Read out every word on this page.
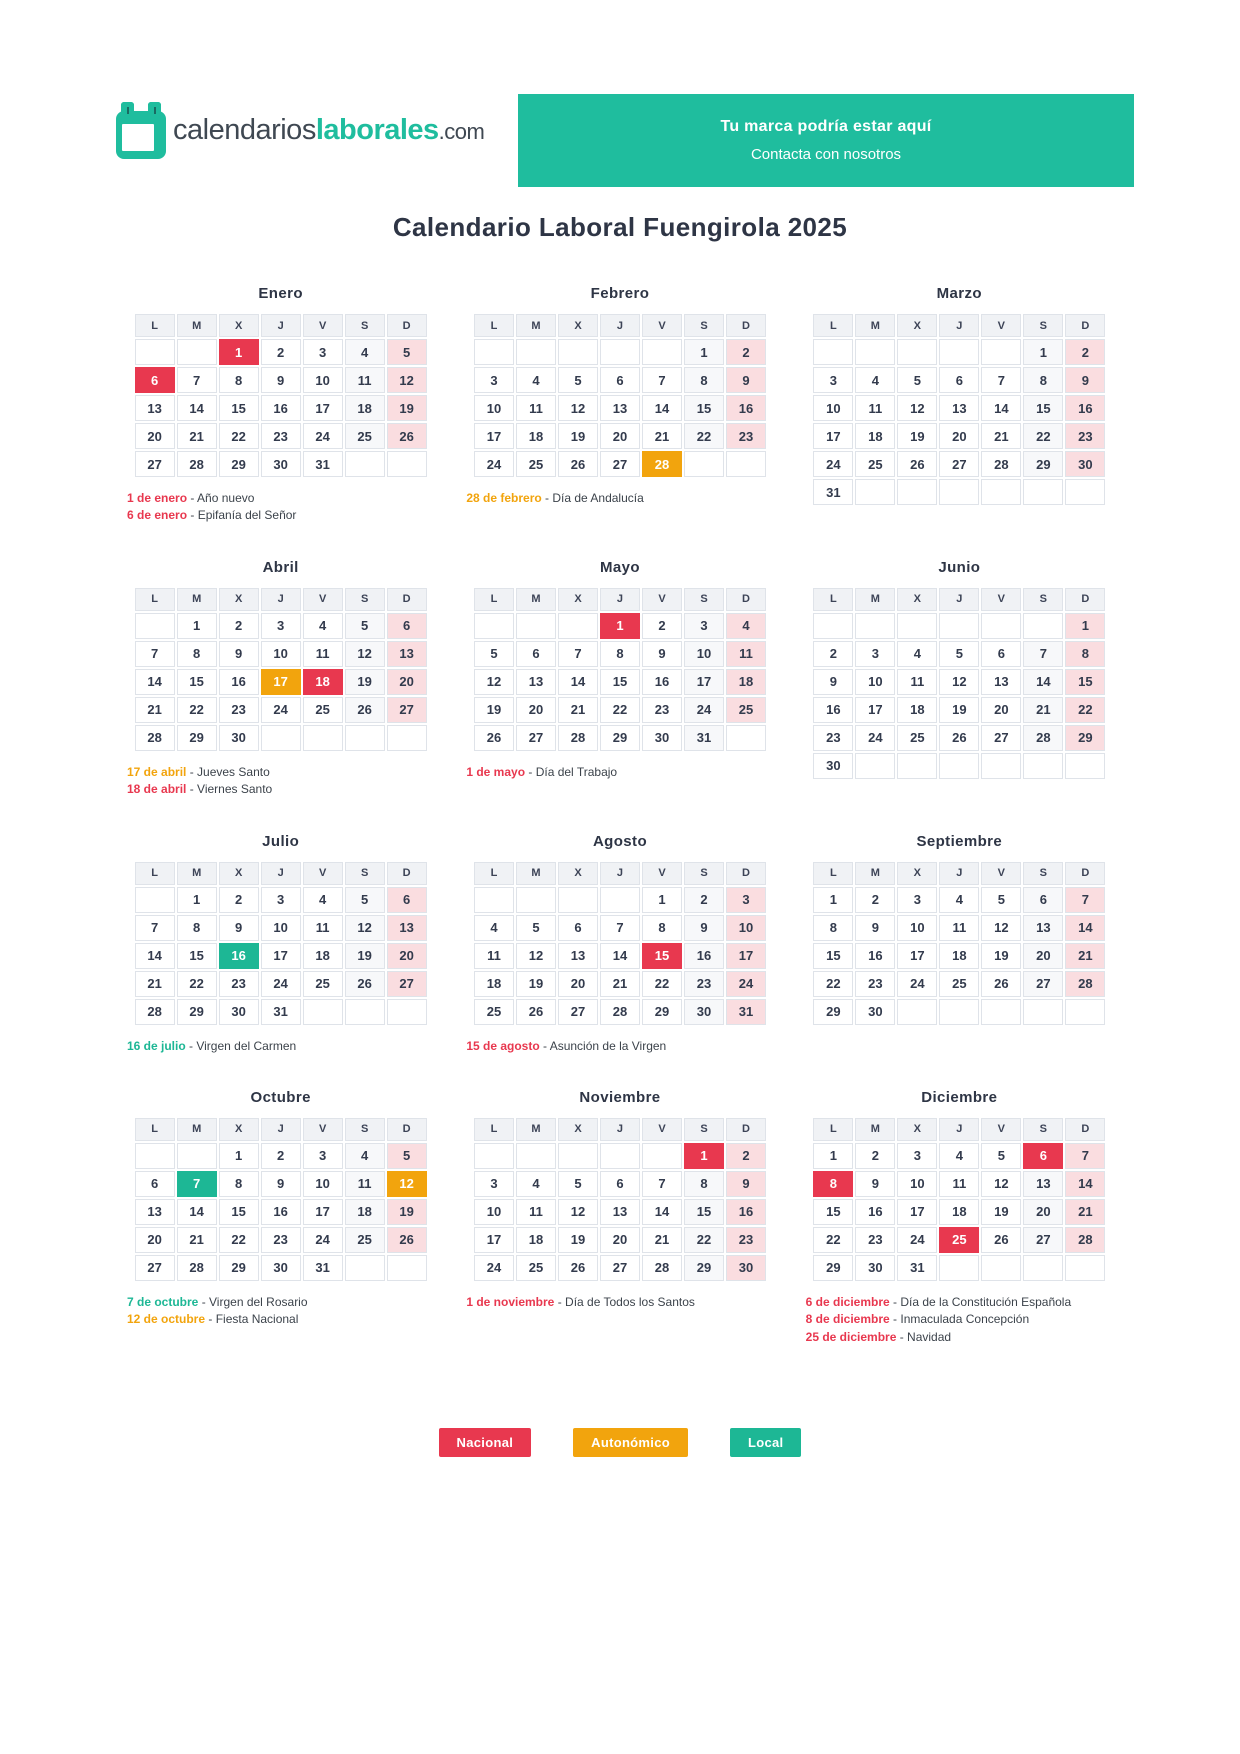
calendarioslaborales.com	Tu marca podría estar aquí
Contacta con nosotros
Calendario Laboral Fuengirola 2025
Enero
L	M	X	J	V	S	D
		1	2	3	4	5
6	7	8	9	10	11	12
13	14	15	16	17	18	19
20	21	22	23	24	25	26
27	28	29	30	31		
1 de enero - Año nuevo
6 de enero - Epifanía del Señor
Febrero
L	M	X	J	V	S	D
					1	2
3	4	5	6	7	8	9
10	11	12	13	14	15	16
17	18	19	20	21	22	23
24	25	26	27	28		
28 de febrero - Día de Andalucía
Marzo
L	M	X	J	V	S	D
					1	2
3	4	5	6	7	8	9
10	11	12	13	14	15	16
17	18	19	20	21	22	23
24	25	26	27	28	29	30
31						
Abril
L	M	X	J	V	S	D
	1	2	3	4	5	6
7	8	9	10	11	12	13
14	15	16	17	18	19	20
21	22	23	24	25	26	27
28	29	30				
17 de abril - Jueves Santo
18 de abril - Viernes Santo
Mayo
L	M	X	J	V	S	D
			1	2	3	4
5	6	7	8	9	10	11
12	13	14	15	16	17	18
19	20	21	22	23	24	25
26	27	28	29	30	31	
1 de mayo - Día del Trabajo
Junio
L	M	X	J	V	S	D
						1
2	3	4	5	6	7	8
9	10	11	12	13	14	15
16	17	18	19	20	21	22
23	24	25	26	27	28	29
30						
Julio
L	M	X	J	V	S	D
	1	2	3	4	5	6
7	8	9	10	11	12	13
14	15	16	17	18	19	20
21	22	23	24	25	26	27
28	29	30	31			
16 de julio - Virgen del Carmen
Agosto
L	M	X	J	V	S	D
				1	2	3
4	5	6	7	8	9	10
11	12	13	14	15	16	17
18	19	20	21	22	23	24
25	26	27	28	29	30	31
15 de agosto - Asunción de la Virgen
Septiembre
L	M	X	J	V	S	D
1	2	3	4	5	6	7
8	9	10	11	12	13	14
15	16	17	18	19	20	21
22	23	24	25	26	27	28
29	30					
Octubre
L	M	X	J	V	S	D
		1	2	3	4	5
6	7	8	9	10	11	12
13	14	15	16	17	18	19
20	21	22	23	24	25	26
27	28	29	30	31		
7 de octubre - Virgen del Rosario
12 de octubre - Fiesta Nacional
Noviembre
L	M	X	J	V	S	D
					1	2
3	4	5	6	7	8	9
10	11	12	13	14	15	16
17	18	19	20	21	22	23
24	25	26	27	28	29	30
1 de noviembre - Día de Todos los Santos
Diciembre
L	M	X	J	V	S	D
1	2	3	4	5	6	7
8	9	10	11	12	13	14
15	16	17	18	19	20	21
22	23	24	25	26	27	28
29	30	31				
6 de diciembre - Día de la Constitución Española
8 de diciembre - Inmaculada Concepción
25 de diciembre - Navidad
Nacional	Autonómico	Local
